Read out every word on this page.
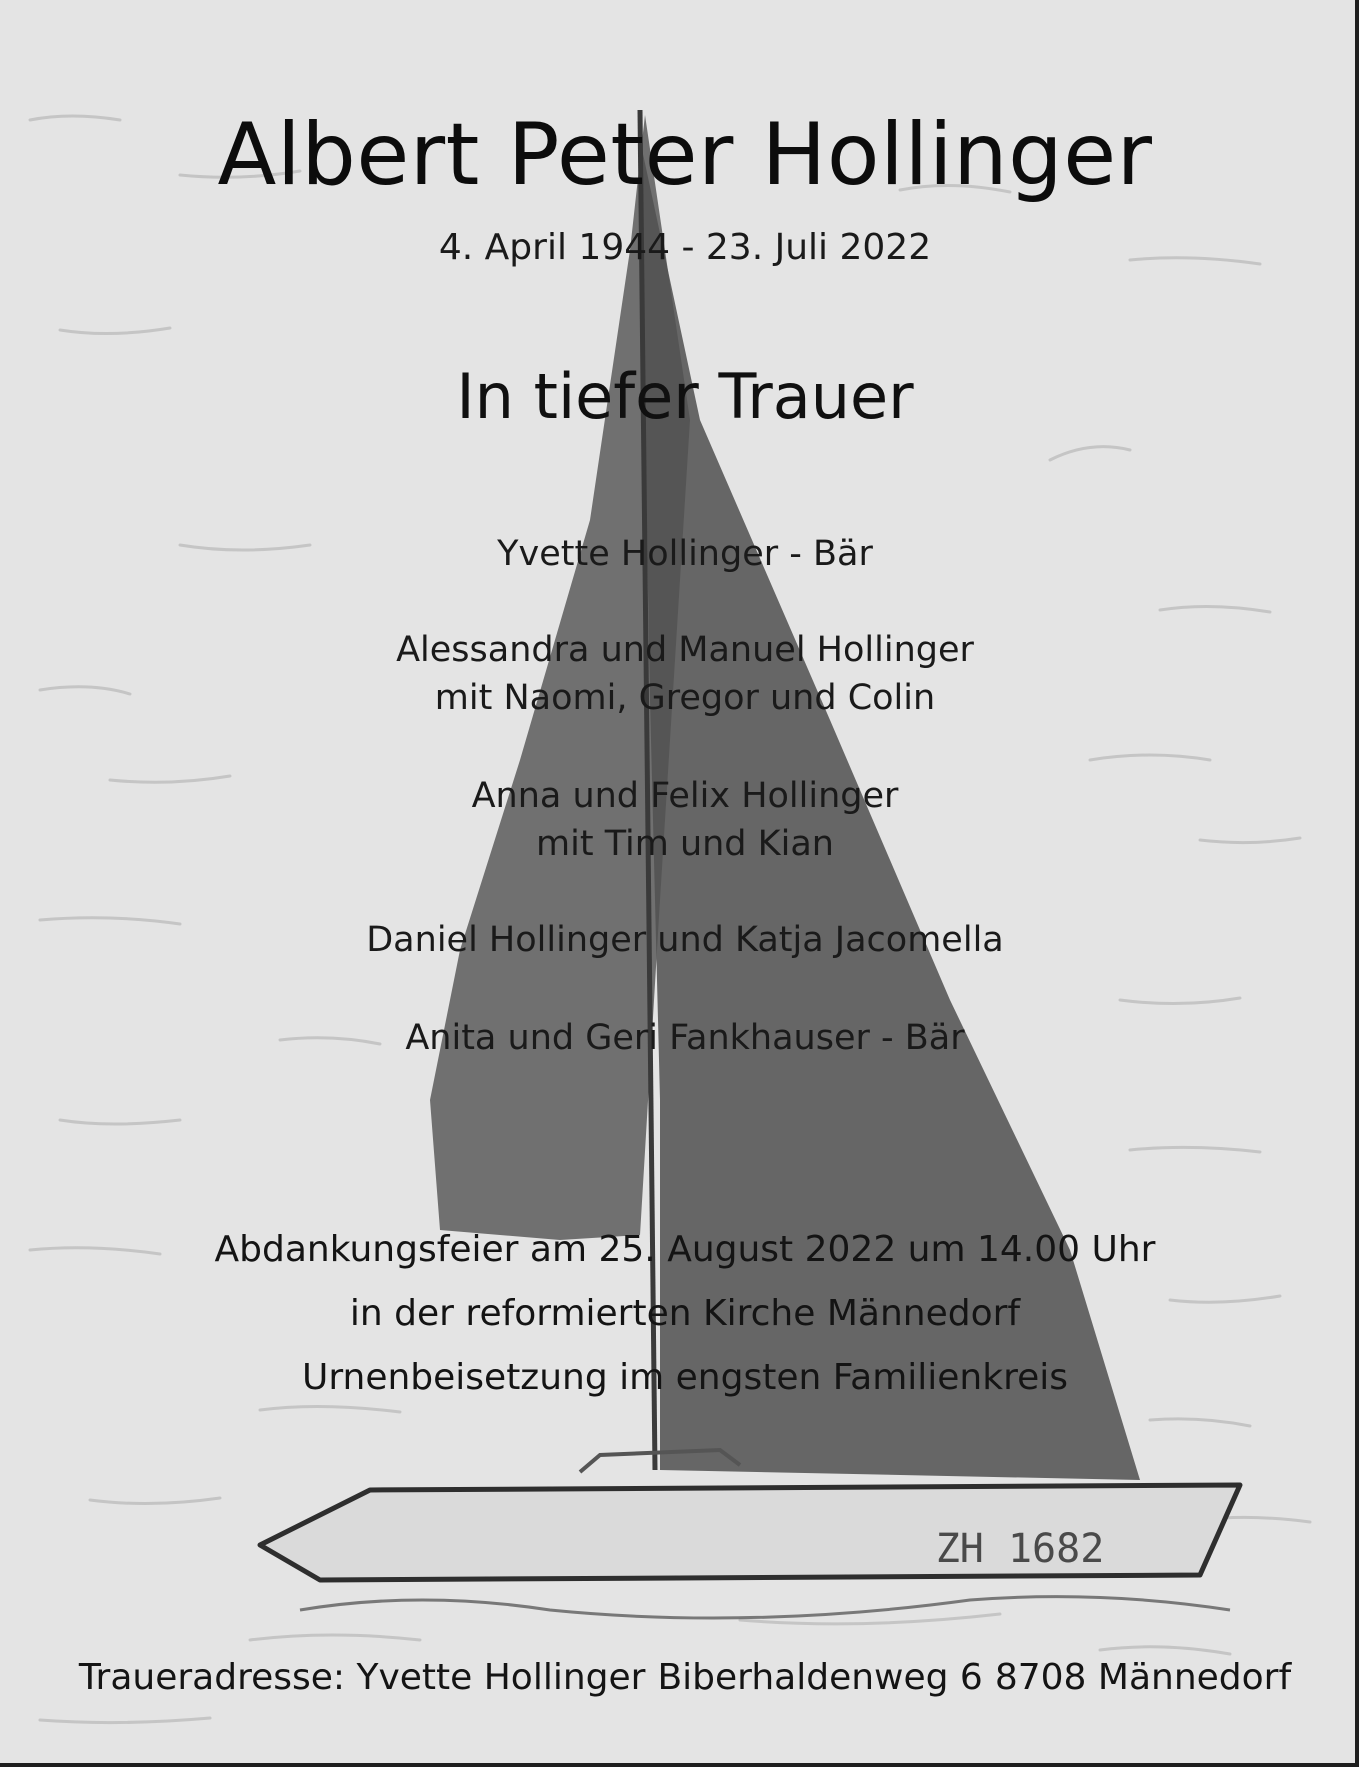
ZH 1682
Albert Peter Hollinger
4. April 1944 - 23. Juli 2022
In tiefer Trauer
Yvette Hollinger - Bär
Alessandra und Manuel Hollinger
mit Naomi, Gregor und Colin
Anna und Felix Hollinger
mit Tim und Kian
Daniel Hollinger und Katja Jacomella
Anita und Geri Fankhauser - Bär
Abdankungsfeier am 25. August 2022 um 14.00 Uhr
in der reformierten Kirche Männedorf
Urnenbeisetzung im engsten Familienkreis
Traueradresse: Yvette Hollinger Biberhaldenweg 6 8708 Männedorf
